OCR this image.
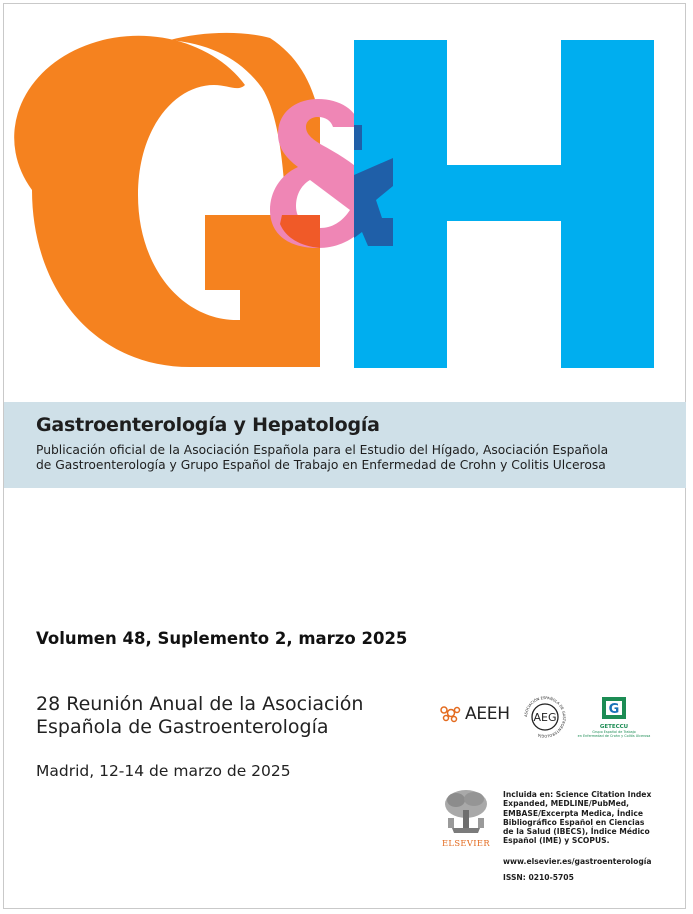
Gastroenterología y Hepatología
Publicación oficial de la Asociación Española para el Estudio del Hígado, Asociación Española
de Gastroenterología y Grupo Español de Trabajo en Enfermedad de Crohn y Colitis Ulcerosa
Volumen 48, Suplemento 2, marzo 2025
28 Reunión Anual de la Asociación
Española de Gastroenterología
Madrid, 12-14 de marzo de 2025
AEEH	ASOCIACIÓN ESPAÑOLA DE GASTROENTEROLOGÍA
AEG
G
GETECCU
Grupo Español de Trabajo
en Enfermedad de Crohn y Colitis Ulcerosa
ELSEVIER
Incluida en: Science Citation Index
Expanded, MEDLINE/PubMed,
EMBASE/Excerpta Medica, Índice
Bibliográfico Español en Ciencias
de la Salud (IBECS), Índice Médico
Español (IME) y SCOPUS.
www.elsevier.es/gastroenterología
ISSN: 0210-5705
